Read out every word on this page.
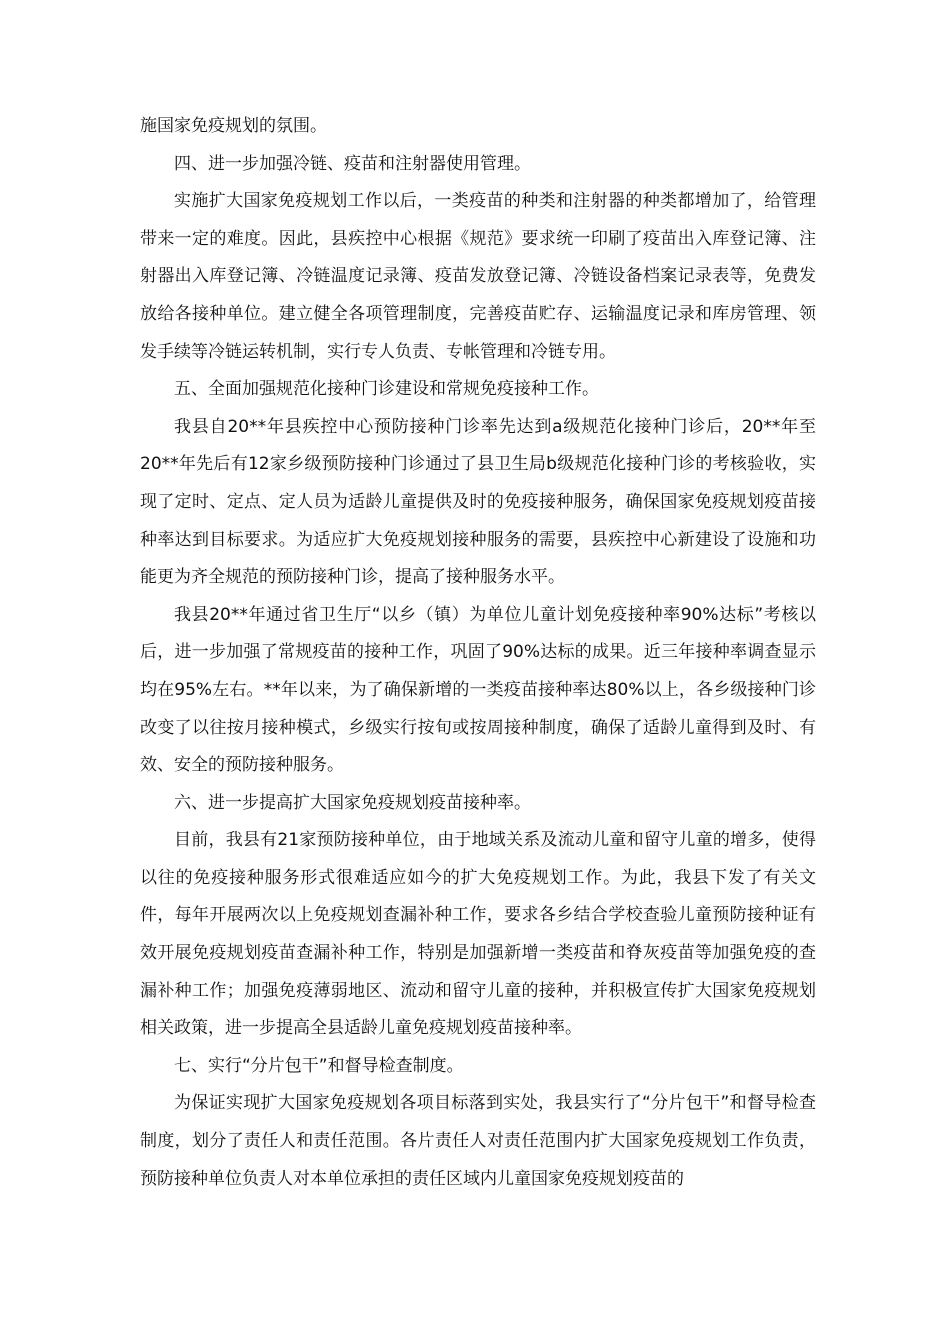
施国家免疫规划的氛围。

四、进一步加强冷链、疫苗和注射器使用管理。

实施扩大国家免疫规划工作以后，一类疫苗的种类和注射器的种类都增加了，给管理带来一定的难度。因此，县疾控中心根据《规范》要求统一印刷了疫苗出入库登记簿、注射器出入库登记簿、冷链温度记录簿、疫苗发放登记簿、冷链设备档案记录表等，免费发放给各接种单位。建立健全各项管理制度，完善疫苗贮存、运输温度记录和库房管理、领发手续等冷链运转机制，实行专人负责、专帐管理和冷链专用。

五、全面加强规范化接种门诊建设和常规免疫接种工作。

我县自20**年县疾控中心预防接种门诊率先达到a级规范化接种门诊后，20**年至20**年先后有12家乡级预防接种门诊通过了县卫生局b级规范化接种门诊的考核验收，实现了定时、定点、定人员为适龄儿童提供及时的免疫接种服务，确保国家免疫规划疫苗接种率达到目标要求。为适应扩大免疫规划接种服务的需要，县疾控中心新建设了设施和功能更为齐全规范的预防接种门诊，提高了接种服务水平。

我县20**年通过省卫生厅“以乡（镇）为单位儿童计划免疫接种率90%达标”考核以后，进一步加强了常规疫苗的接种工作，巩固了90%达标的成果。近三年接种率调查显示均在95%左右。**年以来，为了确保新增的一类疫苗接种率达80%以上，各乡级接种门诊改变了以往按月接种模式，乡级实行按旬或按周接种制度，确保了适龄儿童得到及时、有效、安全的预防接种服务。

六、进一步提高扩大国家免疫规划疫苗接种率。

目前，我县有21家预防接种单位，由于地域关系及流动儿童和留守儿童的增多，使得以往的免疫接种服务形式很难适应如今的扩大免疫规划工作。为此，我县下发了有关文件，每年开展两次以上免疫规划查漏补种工作，要求各乡结合学校查验儿童预防接种证有效开展免疫规划疫苗查漏补种工作，特别是加强新增一类疫苗和脊灰疫苗等加强免疫的查漏补种工作；加强免疫薄弱地区、流动和留守儿童的接种，并积极宣传扩大国家免疫规划相关政策，进一步提高全县适龄儿童免疫规划疫苗接种率。

七、实行“分片包干”和督导检查制度。

为保证实现扩大国家免疫规划各项目标落到实处，我县实行了“分片包干”和督导检查制度，划分了责任人和责任范围。各片责任人对责任范围内扩大国家免疫规划工作负责，预防接种单位负责人对本单位承担的责任区域内儿童国家免疫规划疫苗的
